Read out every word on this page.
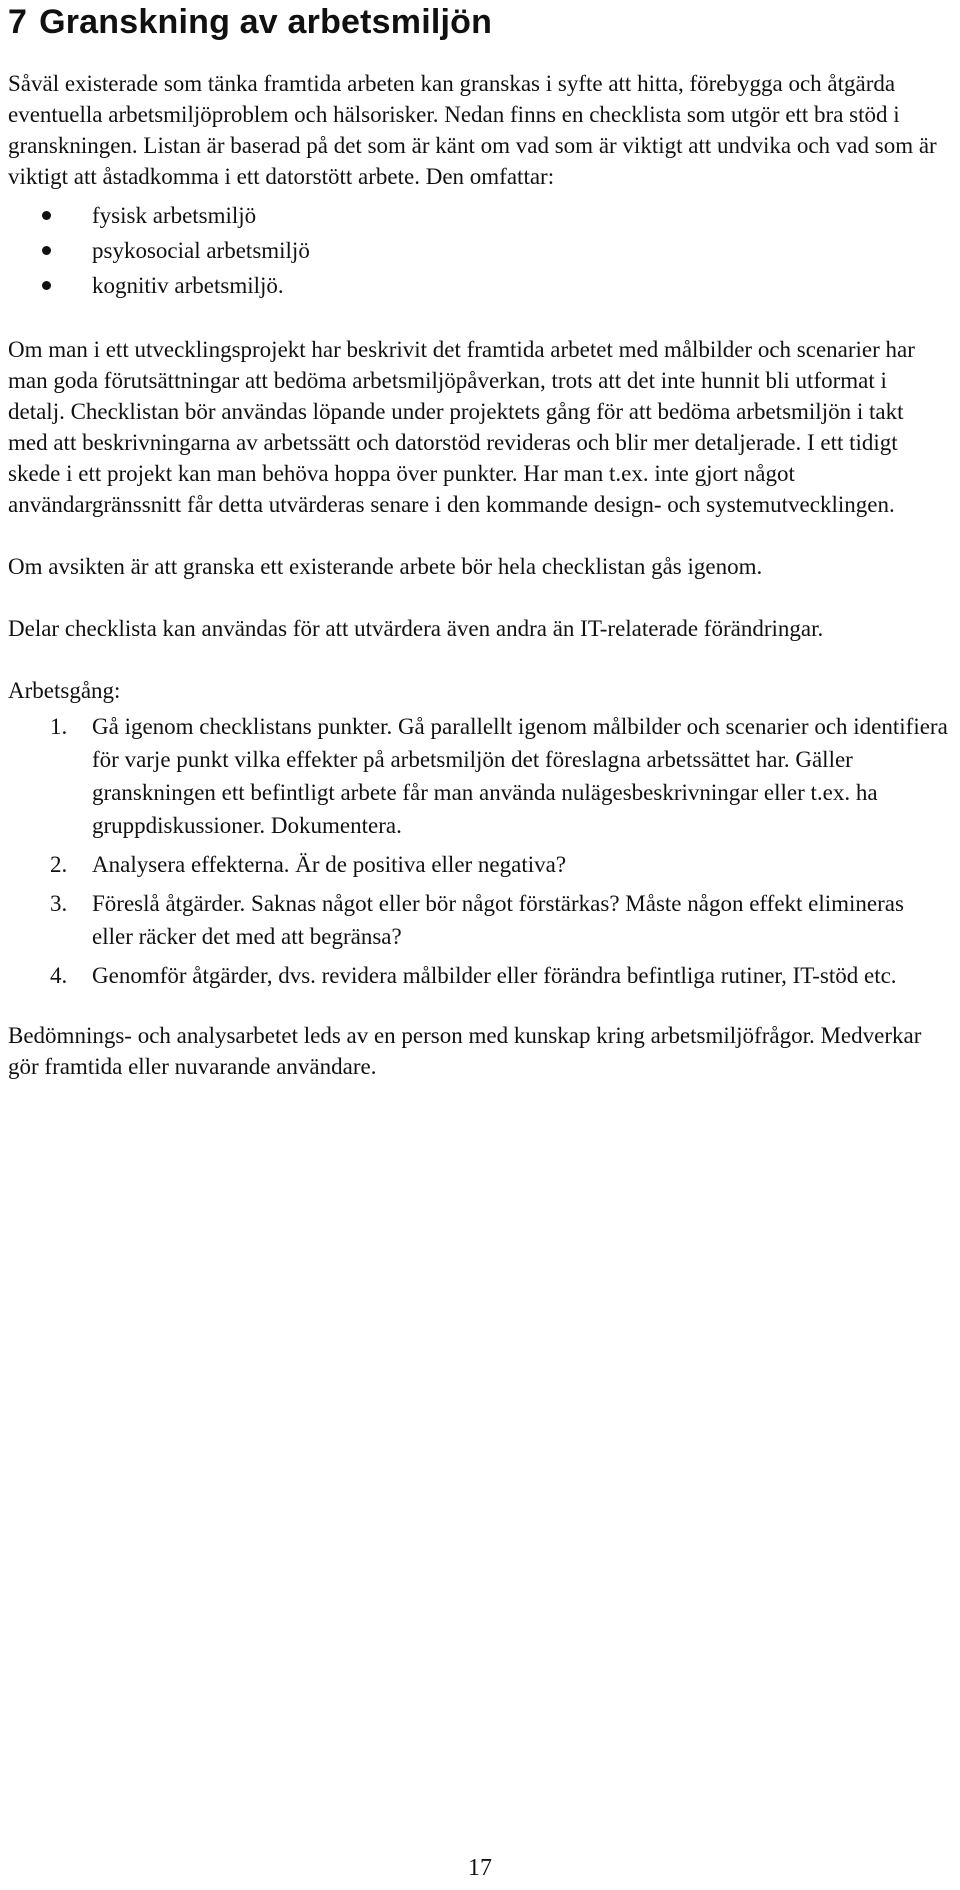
7 Granskning av arbetsmiljön

Såväl existerade som tänka framtida arbeten kan granskas i syfte att hitta, förebygga och åtgärda eventuella arbetsmiljöproblem och hälsorisker. Nedan finns en checklista som utgör ett bra stöd i granskningen. Listan är baserad på det som är känt om vad som är viktigt att undvika och vad som är viktigt att åstadkomma i ett datorstött arbete. Den omfattar:

fysisk arbetsmiljö
psykosocial arbetsmiljö
kognitiv arbetsmiljö.

Om man i ett utvecklingsprojekt har beskrivit det framtida arbetet med målbilder och scenarier har man goda förutsättningar att bedöma arbetsmiljöpåverkan, trots att det inte hunnit bli utformat i detalj. Checklistan bör användas löpande under projektets gång för att bedöma arbetsmiljön i takt med att beskrivningarna av arbetssätt och datorstöd revideras och blir mer detaljerade. I ett tidigt skede i ett projekt kan man behöva hoppa över punkter. Har man t.ex. inte gjort något användargränssnitt får detta utvärderas senare i den kommande design- och systemutvecklingen.

Om avsikten är att granska ett existerande arbete bör hela checklistan gås igenom.

Delar checklista kan användas för att utvärdera även andra än IT-relaterade förändringar.

Arbetsgång:

1. Gå igenom checklistans punkter. Gå parallellt igenom målbilder och scenarier och identifiera för varje punkt vilka effekter på arbetsmiljön det föreslagna arbetssättet har. Gäller granskningen ett befintligt arbete får man använda nulägesbeskrivningar eller t.ex. ha gruppdiskussioner. Dokumentera.
2. Analysera effekterna. Är de positiva eller negativa?
3. Föreslå åtgärder. Saknas något eller bör något förstärkas? Måste någon effekt elimineras eller räcker det med att begränsa?
4. Genomför åtgärder, dvs. revidera målbilder eller förändra befintliga rutiner, IT-stöd etc.

Bedömnings- och analysarbetet leds av en person med kunskap kring arbetsmiljöfrågor. Medverkar gör framtida eller nuvarande användare.

17
